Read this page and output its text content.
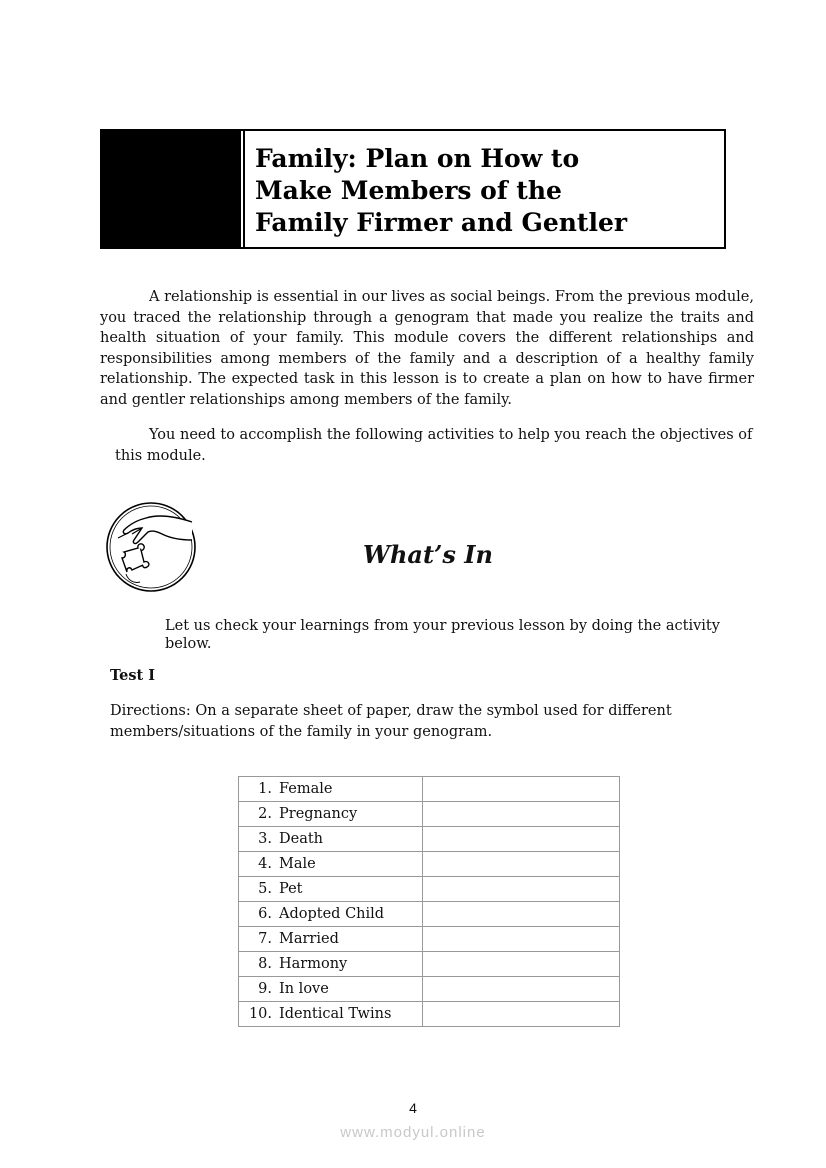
Family: Plan on How to
Make Members of the
Family Firmer and Gentler

A relationship is essential in our lives as social beings. From the previous module, you traced the relationship through a genogram that made you realize the traits and health situation of your family. This module covers the different relationships and responsibilities among members of the family and a description of a healthy family relationship. The expected task in this lesson is to create a plan on how to have firmer and gentler relationships among members of the family.

You need to accomplish the following activities to help you reach the objectives of this module.

What’s In

Let us check your learnings from your previous lesson by doing the activity below.

Test I

Directions: On a separate sheet of paper, draw the symbol used for different members/situations of the family in your genogram.

1. Female	
2. Pregnancy	
3. Death	
4. Male	
5. Pet	
6. Adopted Child	
7. Married	
8. Harmony	
9. In love	
10. Identical Twins	
4
www.modyul.online
